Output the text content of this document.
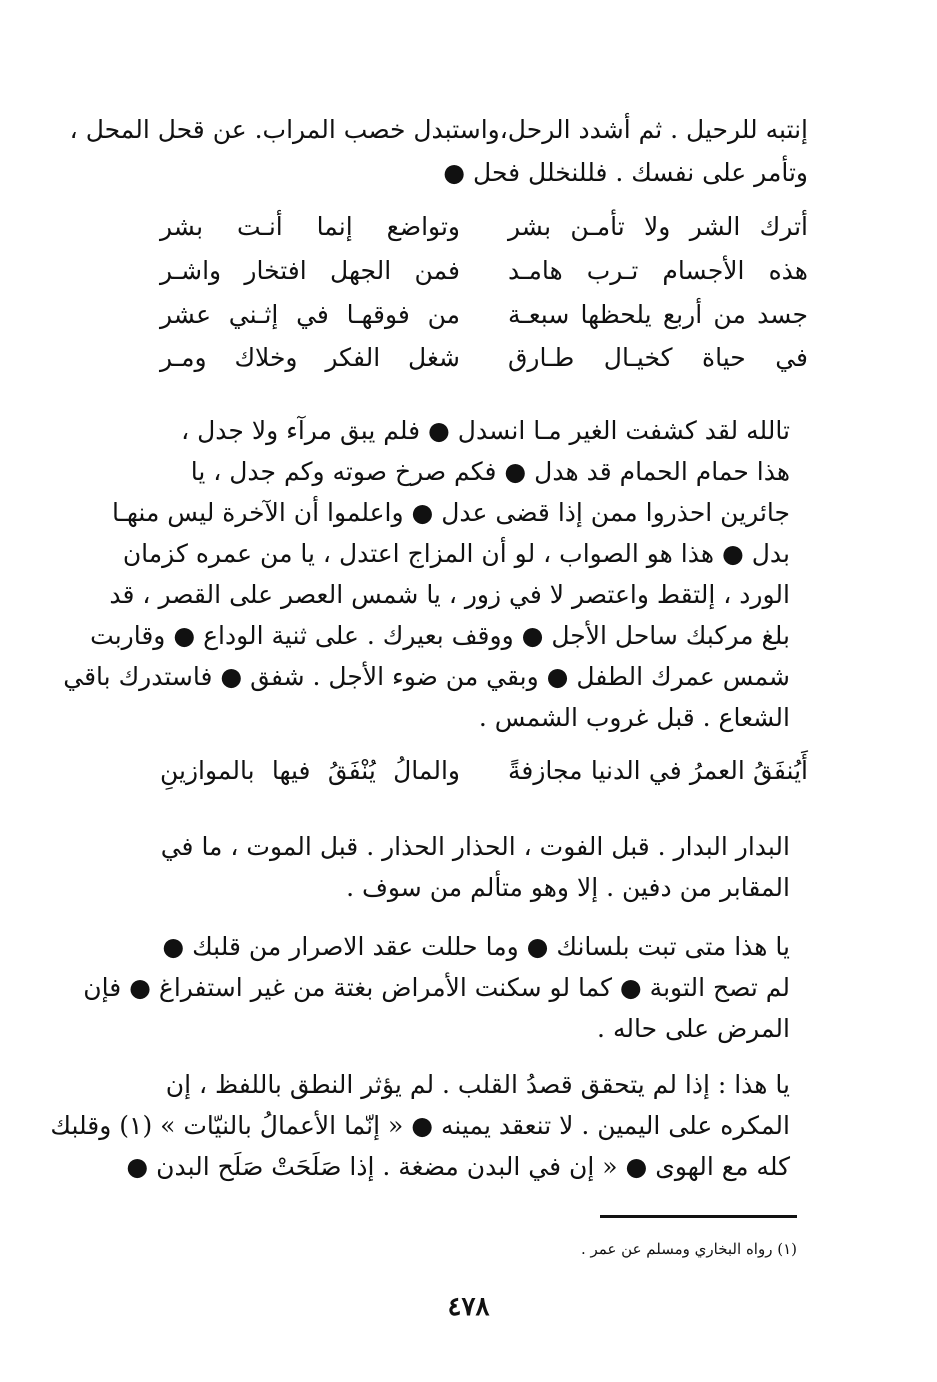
إنتبه للرحيل . ثم أشدد الرحل،واستبدل خصب المراب. عن قحل المحل ،
وتأمر على نفسك . فللنخلل فحل ●
أترك الشر ولا تأمـن بشر
وتواضع إنما أنـت بشر
هذه الأجسام تـرب هامـد
فمن الجهل افتخار واشـر
جسد من أربع يلحظها سبعـة
من فوقهـا في إثـني عشر
في حياة كخيـال طـارق
شغل الفكر وخلاك ومـر
تالله لقد كشفت الغير مـا انسدل ● فلم يبق مرآء ولا جدل ،
هذا حمام الحمام قد هدل ● فكم صرخ صوته وكم جدل ، يا
جائرين احذروا ممن إذا قضى عدل ● واعلموا أن الآخرة ليس منهـا
بدل ● هذا هو الصواب ، لو أن المزاج اعتدل ، يا من عمره كزمان
الورد ، إلتقط واعتصر لا في زور ، يا شمس العصر على القصر ، قد
بلغ مركبك ساحل الأجل ● ووقف بعيرك . على ثنية الوداع ● وقاربت
شمس عمرك الطفل ● وبقي من ضوء الأجل . شفق ● فاستدرك باقي
الشعاع . قبل غروب الشمس .
أَيُنفَقُ العمرُ في الدنيا مجازفةً
والمالُ يُنْفَقُ فيها بالموازينِ
البدار البدار . قبل الفوت ، الحذار الحذار . قبل الموت ، ما في
المقابر من دفين . إلا وهو متألم من سوف .
يا هذا متى تبت بلسانك ● وما حللت عقد الاصرار من قلبك ●
لم تصح التوبة ● كما لو سكنت الأمراض بغتة من غير استفراغ ● فإن
المرض على حاله .
يا هذا : إذا لم يتحقق قصدُ القلب . لم يؤثر النطق باللفظ ، إن
المكره على اليمين . لا تنعقد يمينه ● « إنّما الأعمالُ بالنيّات » (١) وقلبك
كله مع الهوى ● « إن في البدن مضغة . إذا صَلَحَتْ صَلَح البدن ●
(١) رواه البخاري ومسلم عن عمر .
٤٧٨
